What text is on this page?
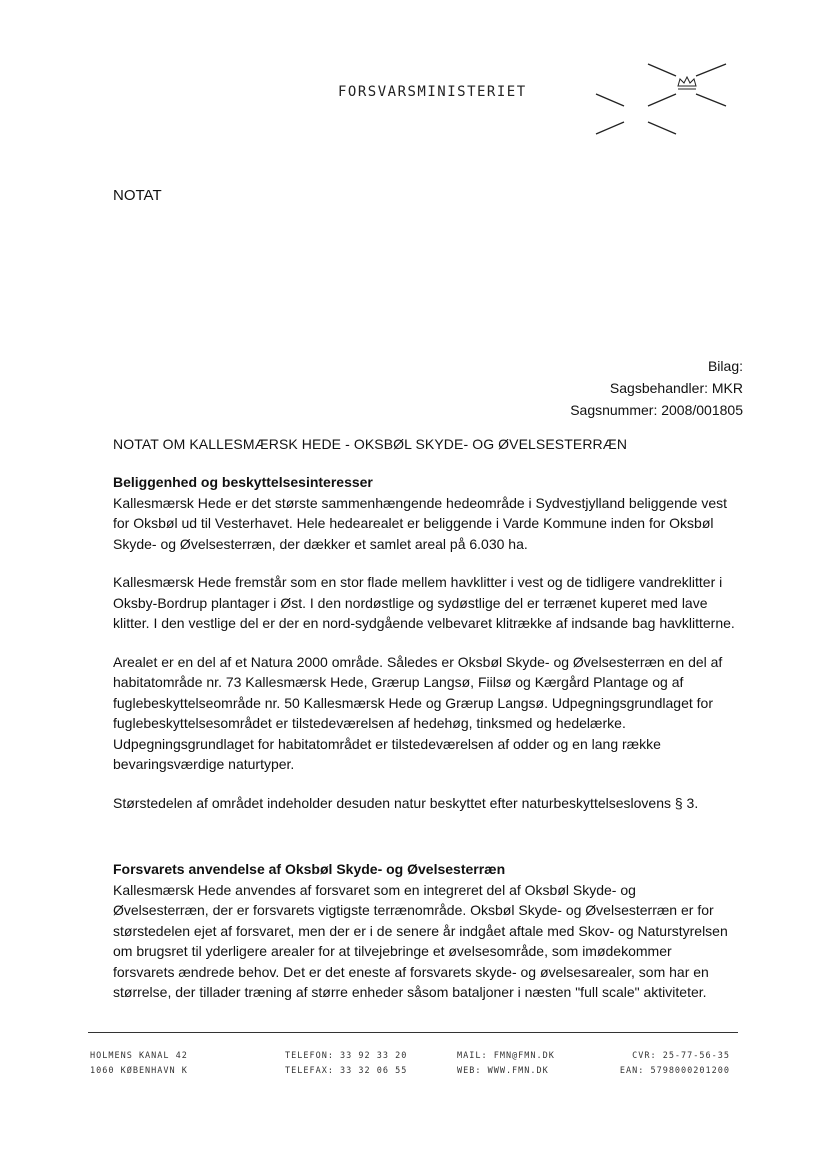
FORSVARSMINISTERIET
NOTAT
Bilag:
Sagsbehandler: MKR
Sagsnummer: 2008/001805
NOTAT OM KALLESMÆRSK HEDE - OKSBØL SKYDE- OG ØVELSESTERRÆN

Beliggenhed og beskyttelsesinteresser

Kallesmærsk Hede er det største sammenhængende hedeområde i Sydvestjylland beliggende vest for Oksbøl ud til Vesterhavet. Hele hedearealet er beliggende i Varde Kommune inden for Oksbøl Skyde- og Øvelsesterræn, der dækker et samlet areal på 6.030 ha.

Kallesmærsk Hede fremstår som en stor flade mellem havklitter i vest og de tidligere vandreklitter i Oksby-Bordrup plantager i Øst. I den nordøstlige og sydøstlige del er terrænet kuperet med lave klitter. I den vestlige del er der en nord-sydgående velbevaret klitrække af indsande bag havklitterne.

Arealet er en del af et Natura 2000 område. Således er Oksbøl Skyde- og Øvelsesterræn en del af habitatområde nr. 73 Kallesmærsk Hede, Grærup Langsø, Fiilsø og Kærgård Plantage og af fuglebeskyttelseområde nr. 50 Kallesmærsk Hede og Grærup Langsø. Udpegningsgrundlaget for fuglebeskyttelsesområdet er tilstedeværelsen af hedehøg, tinksmed og hedelærke. Udpegningsgrundlaget for habitatområdet er tilstedeværelsen af odder og en lang række bevaringsværdige naturtyper.

Størstedelen af området indeholder desuden natur beskyttet efter naturbeskyttelseslovens § 3.

Forsvarets anvendelse af Oksbøl Skyde- og Øvelsesterræn

Kallesmærsk Hede anvendes af forsvaret som en integreret del af Oksbøl Skyde- og Øvelsesterræn, der er forsvarets vigtigste terrænområde. Oksbøl Skyde- og Øvelsesterræn er for størstedelen ejet af forsvaret, men der er i de senere år indgået aftale med Skov- og Naturstyrelsen om brugsret til yderligere arealer for at tilvejebringe et øvelsesområde, som imødekommer forsvarets ændrede behov. Det er det eneste af forsvarets skyde- og øvelsesarealer, som har en størrelse, der tillader træning af større enheder såsom bataljoner i næsten "full scale" aktiviteter.

HOLMENS KANAL 42
1060 KØBENHAVN K
TELEFON: 33 92 33 20
TELEFAX: 33 32 06 55
MAIL: FMN@FMN.DK
WEB: WWW.FMN.DK
CVR: 25-77-56-35
EAN: 5798000201200
